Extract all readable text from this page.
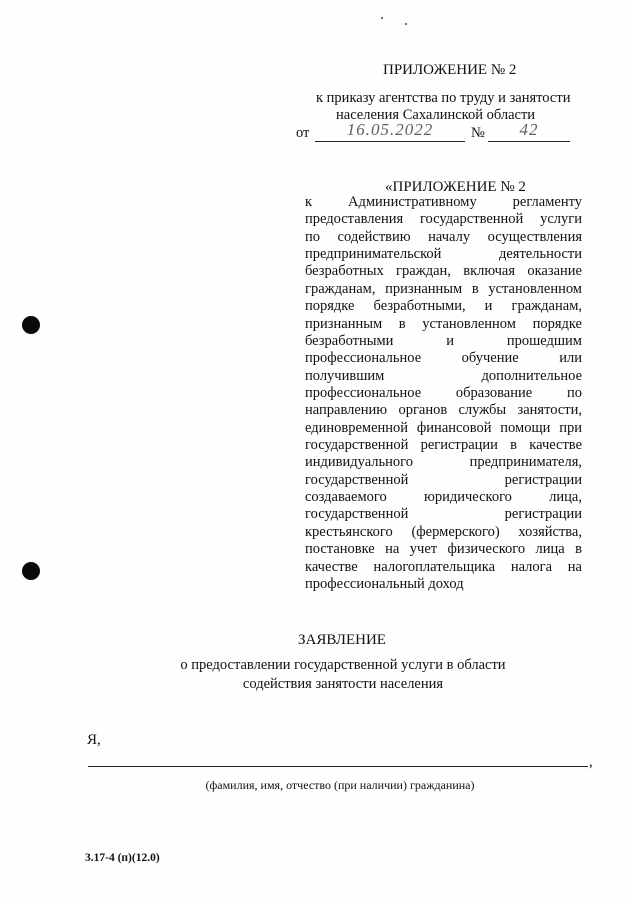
ПРИЛОЖЕНИЕ № 2
к приказу агентства по труду и занятости
населения Сахалинской области
от	16.05.2022	№	42
«ПРИЛОЖЕНИЕ № 2
к Административному регламенту
предоставления государственной услуги
по содействию началу осуществления
предпринимательской деятельности
безработных граждан, включая оказание
гражданам, признанным в установленном
порядке безработными, и гражданам,
признанным в установленном порядке
безработными и прошедшим
профессиональное обучение или
получившим дополнительное
профессиональное образование по
направлению органов службы занятости,
единовременной финансовой помощи при
государственной регистрации в качестве
индивидуального предпринимателя,
государственной регистрации
создаваемого юридического лица,
государственной регистрации
крестьянского (фермерского) хозяйства,
постановке на учет физического лица в
качестве налогоплательщика налога на
профессиональный доход
ЗАЯВЛЕНИЕ
о предоставлении государственной услуги в области
содействия занятости населения
Я,
,
(фамилия, имя, отчество (при наличии) гражданина)
3.17-4 (п)(12.0)
